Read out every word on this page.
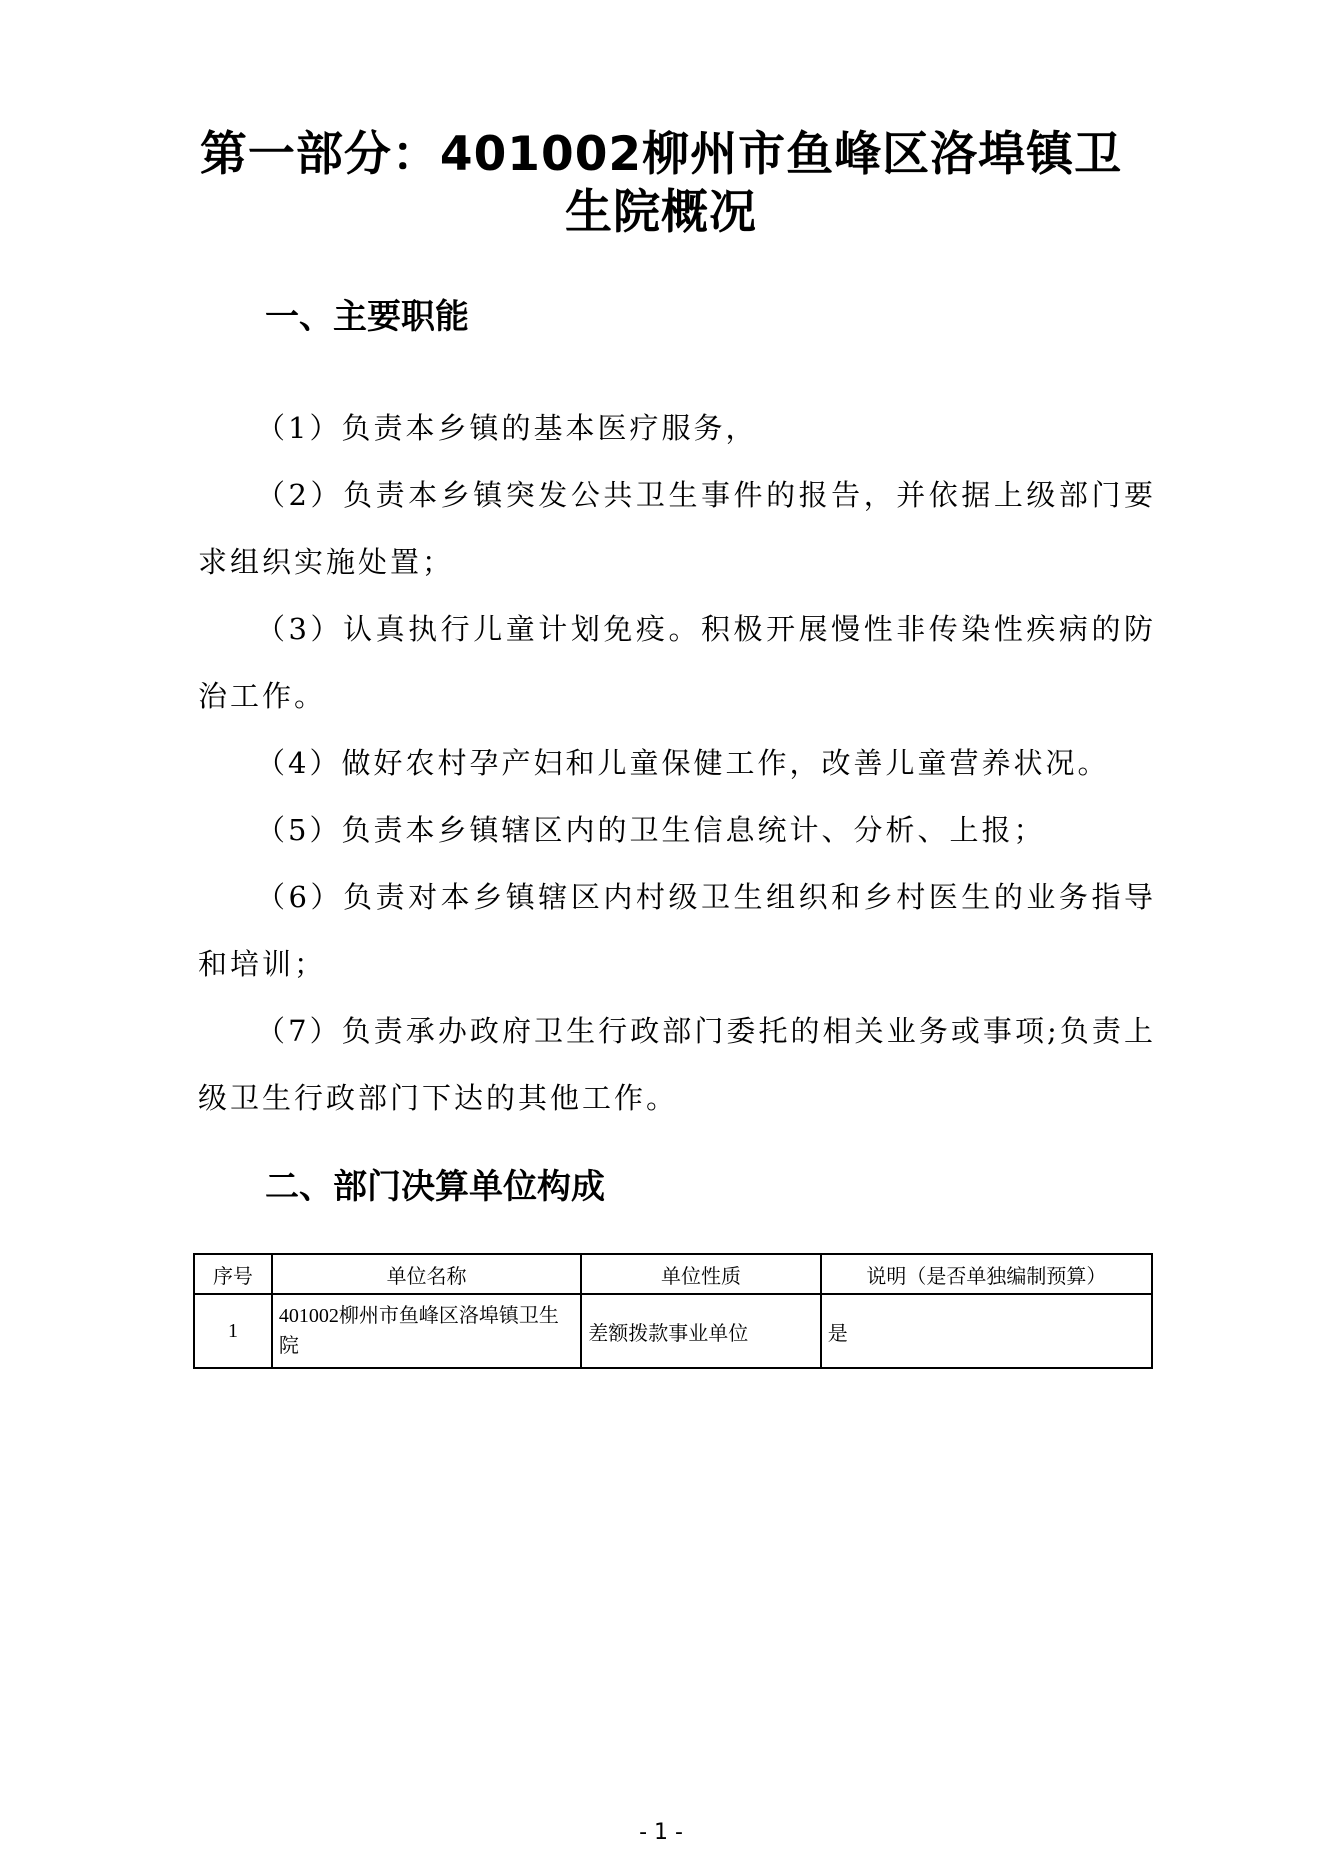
第一部分：401002柳州市鱼峰区洛埠镇卫生院概况
一、主要职能

（1）负责本乡镇的基本医疗服务，

（2）负责本乡镇突发公共卫生事件的报告，并依据上级部门要求组织实施处置；

（3）认真执行儿童计划免疫。积极开展慢性非传染性疾病的防治工作。

（4）做好农村孕产妇和儿童保健工作，改善儿童营养状况。

（5）负责本乡镇辖区内的卫生信息统计、分析、上报；

（6）负责对本乡镇辖区内村级卫生组织和乡村医生的业务指导和培训；

（7）负责承办政府卫生行政部门委托的相关业务或事项;负责上级卫生行政部门下达的其他工作。

二、部门决算单位构成
序号	单位名称	单位性质	说明（是否单独编制预算）
1	401002柳州市鱼峰区洛埠镇卫生院	差额拨款事业单位	是
- 1 -
